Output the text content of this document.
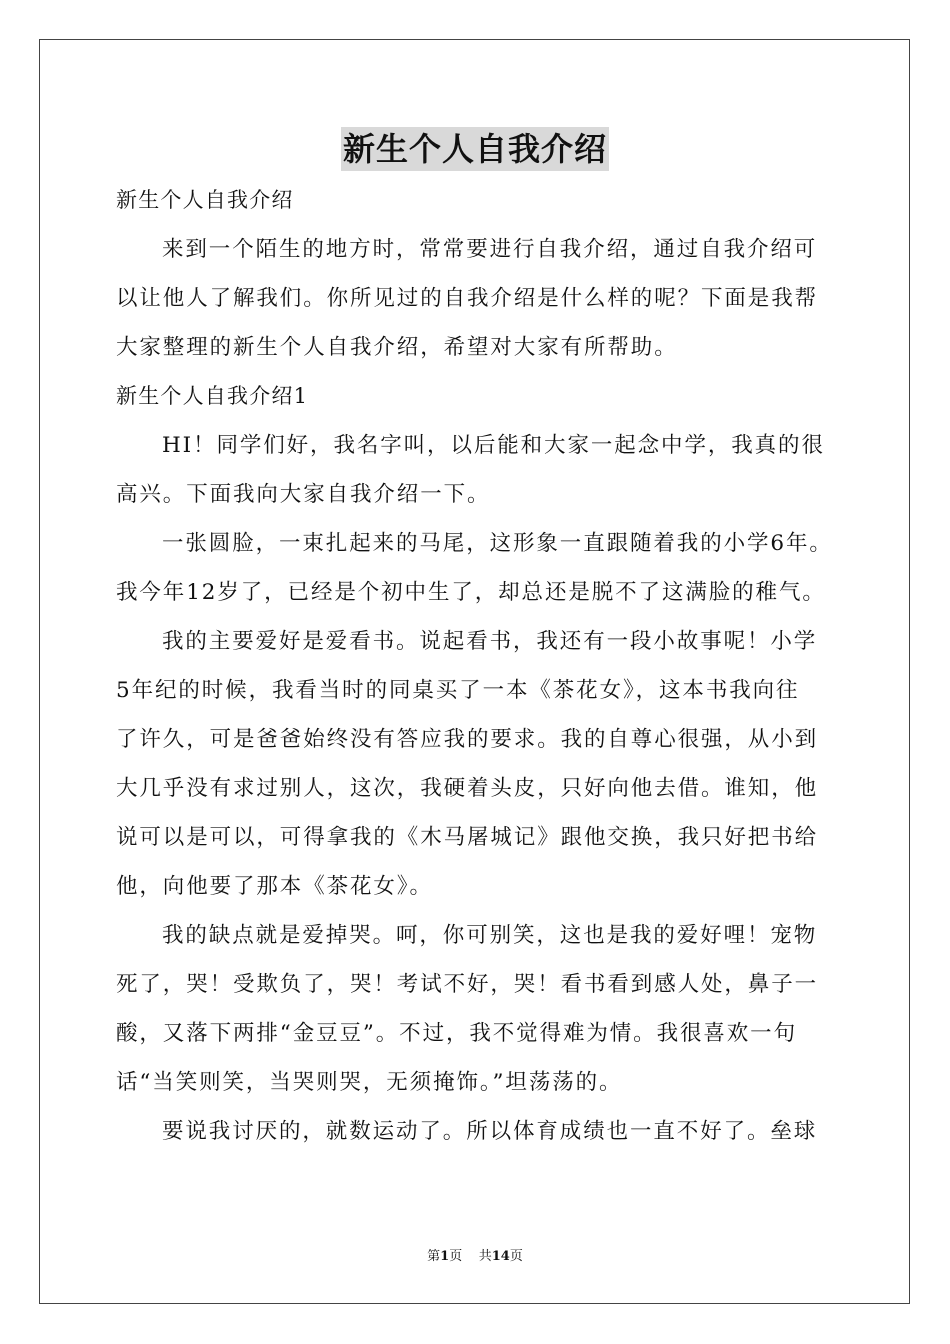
新生个人自我介绍
新生个人自我介绍
来到一个陌生的地方时，常常要进行自我介绍，通过自我介绍可
以让他人了解我们。你所见过的自我介绍是什么样的呢？下面是我帮
大家整理的新生个人自我介绍，希望对大家有所帮助。
新生个人自我介绍1
HI！同学们好，我名字叫，以后能和大家一起念中学，我真的很
高兴。下面我向大家自我介绍一下。
一张圆脸，一束扎起来的马尾，这形象一直跟随着我的小学6年。
我今年12岁了，已经是个初中生了，却总还是脱不了这满脸的稚气。
我的主要爱好是爱看书。说起看书，我还有一段小故事呢！小学
5年纪的时候，我看当时的同桌买了一本《茶花女》，这本书我向往
了许久，可是爸爸始终没有答应我的要求。我的自尊心很强，从小到
大几乎没有求过别人，这次，我硬着头皮，只好向他去借。谁知，他
说可以是可以，可得拿我的《木马屠城记》跟他交换，我只好把书给
他，向他要了那本《茶花女》。
我的缺点就是爱掉哭。呵，你可别笑，这也是我的爱好哩！宠物
死了，哭！受欺负了，哭！考试不好，哭！看书看到感人处，鼻子一
酸，又落下两排“金豆豆”。不过，我不觉得难为情。我很喜欢一句
话“当笑则笑，当哭则哭，无须掩饰。”坦荡荡的。
要说我讨厌的，就数运动了。所以体育成绩也一直不好了。垒球
第1页 共14页
